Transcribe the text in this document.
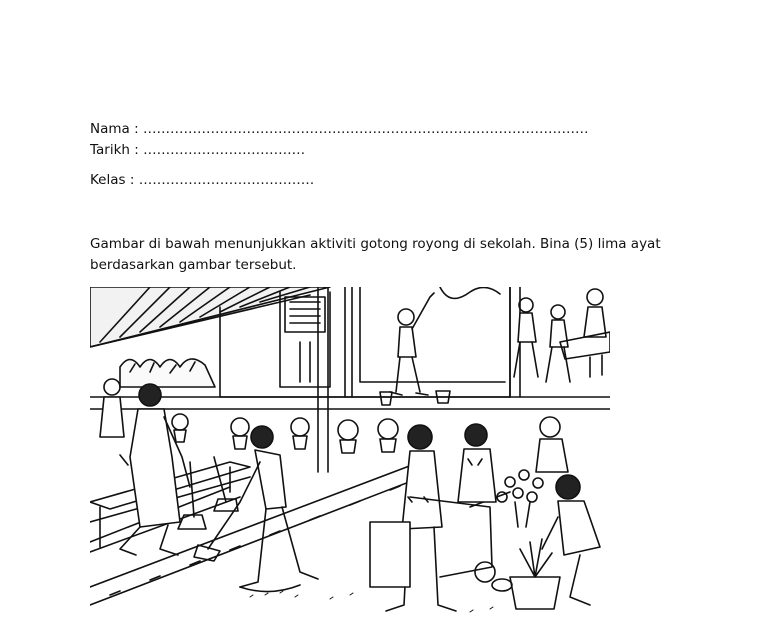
Nama : ………………………………………………………………………………………
Tarikh : ………………………………
Kelas : …………………………………
Gambar di bawah menunjukkan aktiviti gotong royong di sekolah. Bina (5) lima ayat berdasarkan gambar tersebut.
